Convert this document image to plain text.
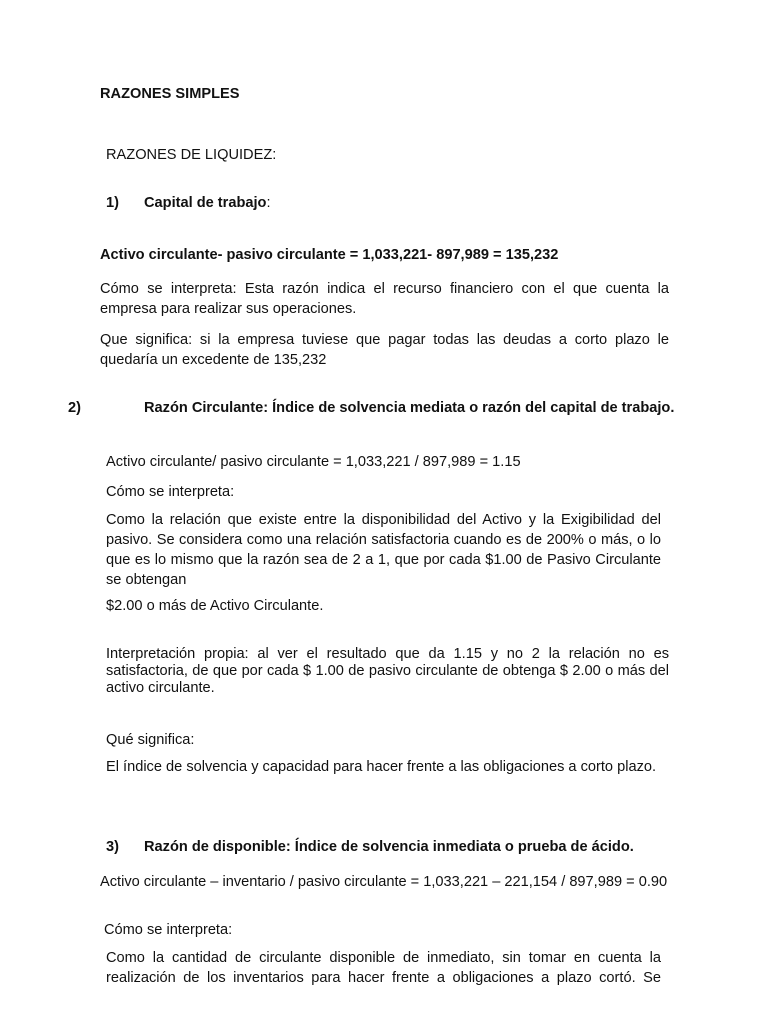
RAZONES SIMPLES

RAZONES DE LIQUIDEZ:

1) Capital de trabajo:

Activo circulante- pasivo circulante = 1,033,221- 897,989 = 135,232

Cómo se interpreta: Esta razón indica el recurso financiero con el que cuenta la empresa para realizar sus operaciones.

Que significa: si la empresa tuviese que pagar todas las deudas a corto plazo le quedaría un excedente de 135,232

2)	Razón Circulante: Índice de solvencia mediata o razón del capital de trabajo.

Activo circulante/ pasivo circulante = 1,033,221 / 897,989 = 1.15

Cómo se interpreta:

Como la relación que existe entre la disponibilidad del Activo y la Exigibilidad del pasivo. Se considera como una relación satisfactoria cuando es de 200% o más, o lo que es lo mismo que la razón sea de 2 a 1, que por cada $1.00 de Pasivo Circulante se obtengan

$2.00 o más de Activo Circulante.

Interpretación propia: al ver el resultado que da 1.15 y no 2 la relación no es satisfactoria, de que por cada $ 1.00 de pasivo circulante de obtenga $ 2.00 o más del activo circulante.

Qué significa:

El índice de solvencia y capacidad para hacer frente a las obligaciones a corto plazo.

3) Razón de disponible: Índice de solvencia inmediata o prueba de ácido.

Activo circulante – inventario / pasivo circulante = 1,033,221 – 221,154 / 897,989 = 0.90

Cómo se interpreta:

Como la cantidad de circulante disponible de inmediato, sin tomar en cuenta la realización de los inventarios para hacer frente a obligaciones a plazo cortó. Se
